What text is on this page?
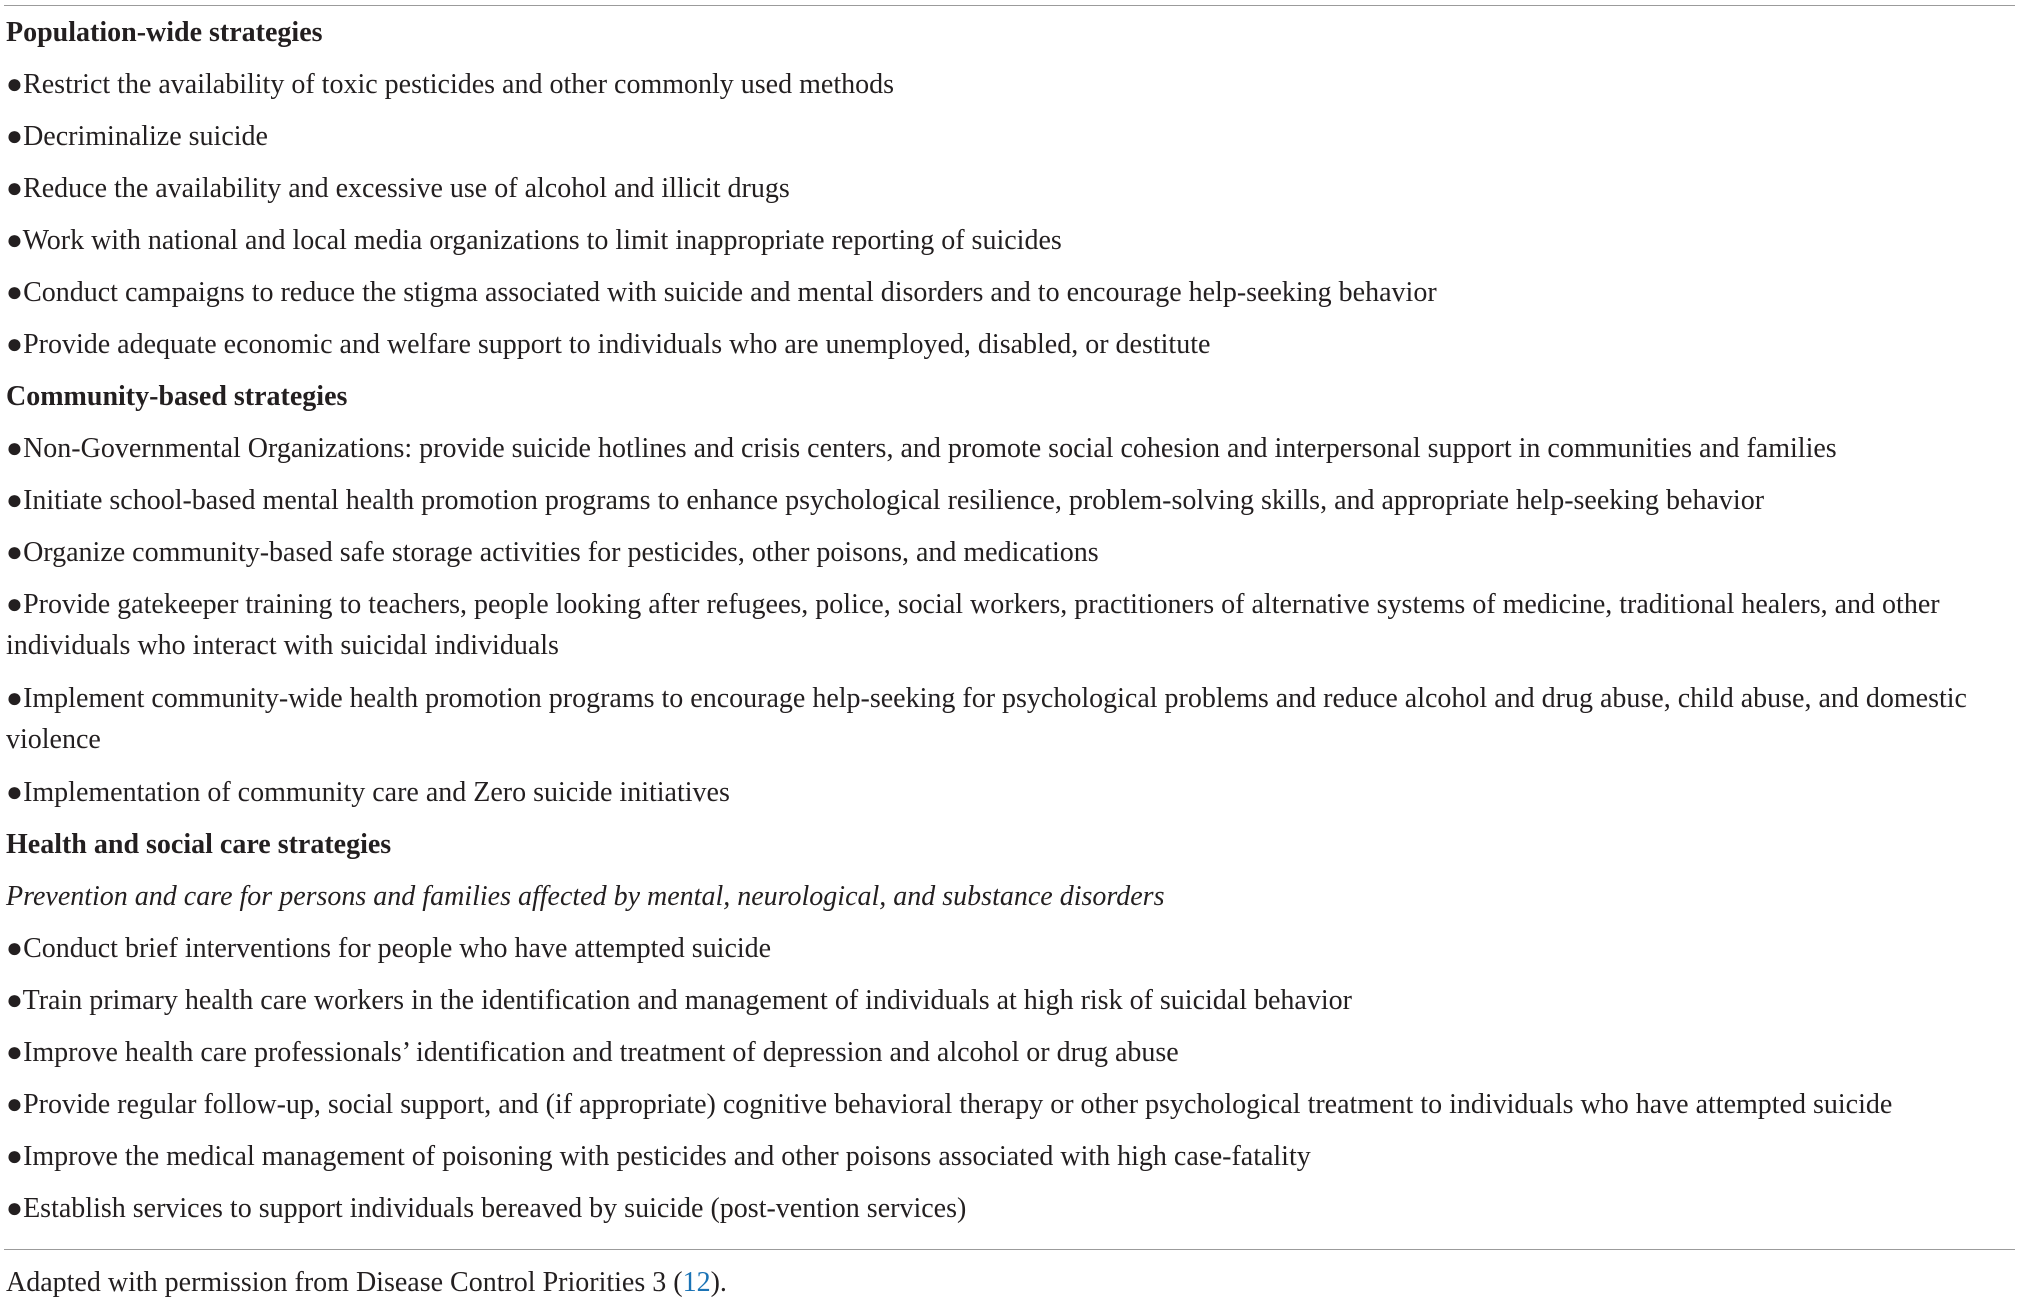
Population-wide strategies
● Restrict the availability of toxic pesticides and other commonly used methods
● Decriminalize suicide
● Reduce the availability and excessive use of alcohol and illicit drugs
● Work with national and local media organizations to limit inappropriate reporting of suicides
● Conduct campaigns to reduce the stigma associated with suicide and mental disorders and to encourage help-seeking behavior
● Provide adequate economic and welfare support to individuals who are unemployed, disabled, or destitute
Community-based strategies
● Non-Governmental Organizations: provide suicide hotlines and crisis centers, and promote social cohesion and interpersonal support in communities and families
● Initiate school-based mental health promotion programs to enhance psychological resilience, problem-solving skills, and appropriate help-seeking behavior
● Organize community-based safe storage activities for pesticides, other poisons, and medications
● Provide gatekeeper training to teachers, people looking after refugees, police, social workers, practitioners of alternative systems of medicine, traditional healers, and other individuals who interact with suicidal individuals
● Implement community-wide health promotion programs to encourage help-seeking for psychological problems and reduce alcohol and drug abuse, child abuse, and domestic violence
● Implementation of community care and Zero suicide initiatives
Health and social care strategies
Prevention and care for persons and families affected by mental, neurological, and substance disorders
● Conduct brief interventions for people who have attempted suicide
● Train primary health care workers in the identification and management of individuals at high risk of suicidal behavior
● Improve health care professionals’ identification and treatment of depression and alcohol or drug abuse
● Provide regular follow-up, social support, and (if appropriate) cognitive behavioral therapy or other psychological treatment to individuals who have attempted suicide
● Improve the medical management of poisoning with pesticides and other poisons associated with high case-fatality
● Establish services to support individuals bereaved by suicide (post-vention services)
Adapted with permission from Disease Control Priorities 3 (12).
